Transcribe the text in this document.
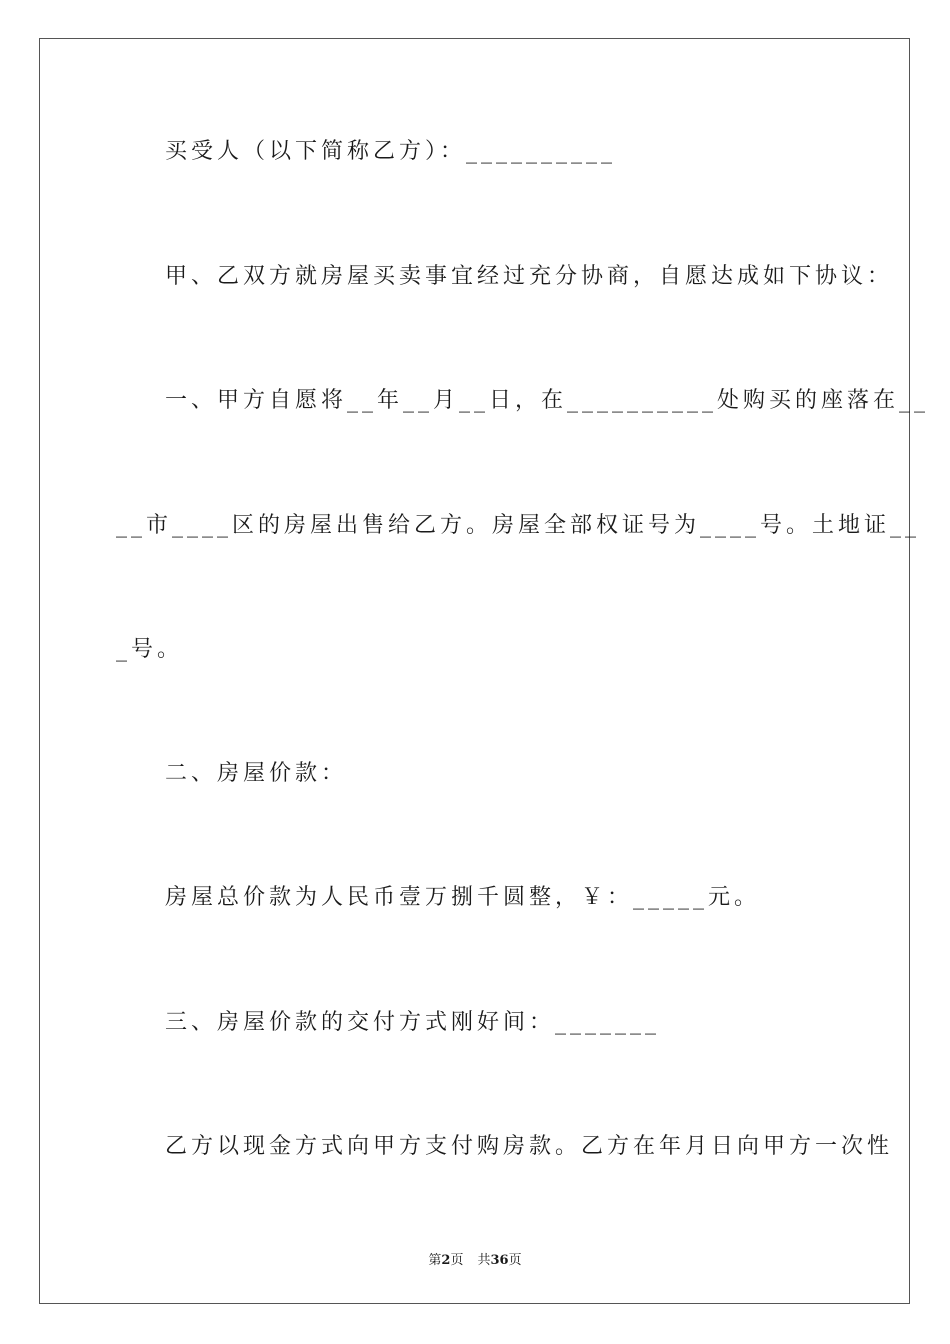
买受人（以下简称乙方）：__________
甲、乙双方就房屋买卖事宜经过充分协商，自愿达成如下协议：
一、甲方自愿将__年__月__日，在__________处购买的座落在__
__市____区的房屋出售给乙方。房屋全部权证号为____号。土地证__
_号。
二、房屋价款：
房屋总价款为人民币壹万捌千圆整，￥：_____元。
三、房屋价款的交付方式刚好间：_______
乙方以现金方式向甲方支付购房款。乙方在年月日向甲方一次性
第2页 共36页
